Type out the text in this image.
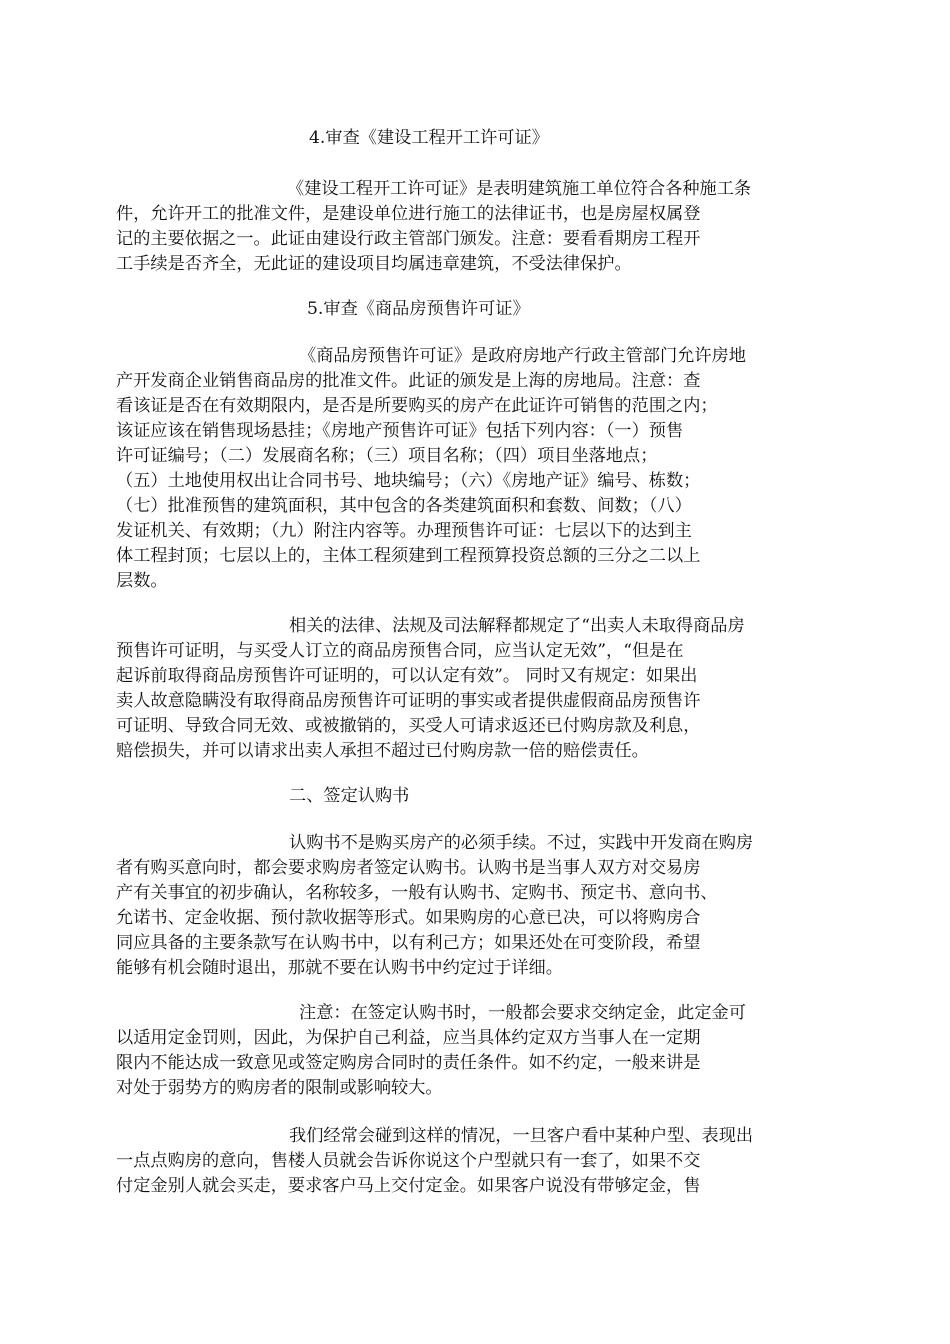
4.审查《建设工程开工许可证》
《建设工程开工许可证》是表明建筑施工单位符合各种施工条
件，允许开工的批准文件，是建设单位进行施工的法律证书，也是房屋权属登
记的主要依据之一。此证由建设行政主管部门颁发。注意：要看看期房工程开
工手续是否齐全，无此证的建设项目均属违章建筑，不受法律保护。
5.审查《商品房预售许可证》
《商品房预售许可证》是政府房地产行政主管部门允许房地
产开发商企业销售商品房的批准文件。此证的颁发是上海的房地局。注意：查
看该证是否在有效期限内，是否是所要购买的房产在此证许可销售的范围之内；
该证应该在销售现场悬挂；《房地产预售许可证》包括下列内容：（一）预售
许可证编号；（二）发展商名称；（三）项目名称；（四）项目坐落地点；
（五）土地使用权出让合同书号、地块编号；（六）《房地产证》编号、栋数；
（七）批准预售的建筑面积，其中包含的各类建筑面积和套数、间数；（八）
发证机关、有效期；（九）附注内容等。办理预售许可证：七层以下的达到主
体工程封顶；七层以上的，主体工程须建到工程预算投资总额的三分之二以上
层数。
相关的法律、法规及司法解释都规定了“出卖人未取得商品房
预售许可证明，与买受人订立的商品房预售合同，应当认定无效”，“但是在
起诉前取得商品房预售许可证明的，可以认定有效”。 同时又有规定：如果出
卖人故意隐瞒没有取得商品房预售许可证明的事实或者提供虚假商品房预售许
可证明、导致合同无效、或被撤销的，买受人可请求返还已付购房款及利息，
赔偿损失，并可以请求出卖人承担不超过已付购房款一倍的赔偿责任。
二、签定认购书
认购书不是购买房产的必须手续。不过，实践中开发商在购房
者有购买意向时，都会要求购房者签定认购书。认购书是当事人双方对交易房
产有关事宜的初步确认，名称较多，一般有认购书、定购书、预定书、意向书、
允诺书、定金收据、预付款收据等形式。如果购房的心意已决，可以将购房合
同应具备的主要条款写在认购书中，以有利己方；如果还处在可变阶段，希望
能够有机会随时退出，那就不要在认购书中约定过于详细。
注意：在签定认购书时，一般都会要求交纳定金，此定金可
以适用定金罚则，因此，为保护自己利益，应当具体约定双方当事人在一定期
限内不能达成一致意见或签定购房合同时的责任条件。如不约定，一般来讲是
对处于弱势方的购房者的限制或影响较大。
我们经常会碰到这样的情况，一旦客户看中某种户型、表现出
一点点购房的意向，售楼人员就会告诉你说这个户型就只有一套了，如果不交
付定金别人就会买走，要求客户马上交付定金。如果客户说没有带够定金，售
